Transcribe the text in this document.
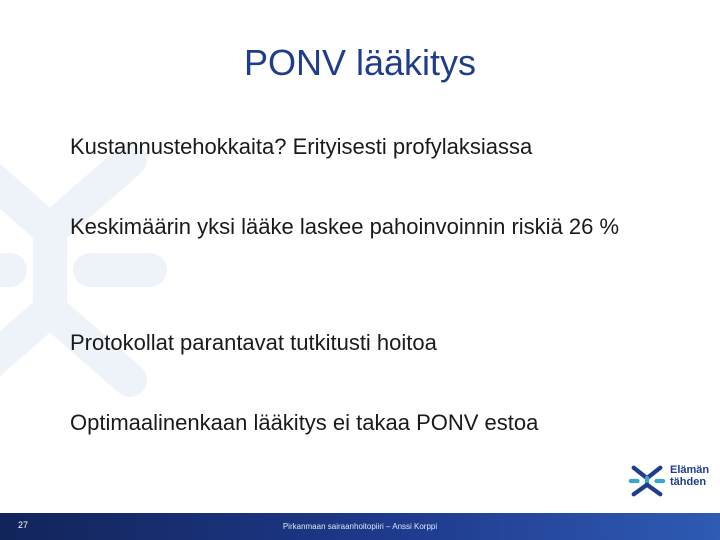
PONV lääkitys
Kustannustehokkaita? Erityisesti profylaksiassa
Keskimäärin yksi lääke laskee pahoinvoinnin riskiä 26 %
Protokollat parantavat tutkitusti hoitoa
Optimaalinenkaan lääkitys ei takaa PONV estoa
Elämän
tähden
27	Pirkanmaan sairaanhoitopiiri – Anssi Korppi
